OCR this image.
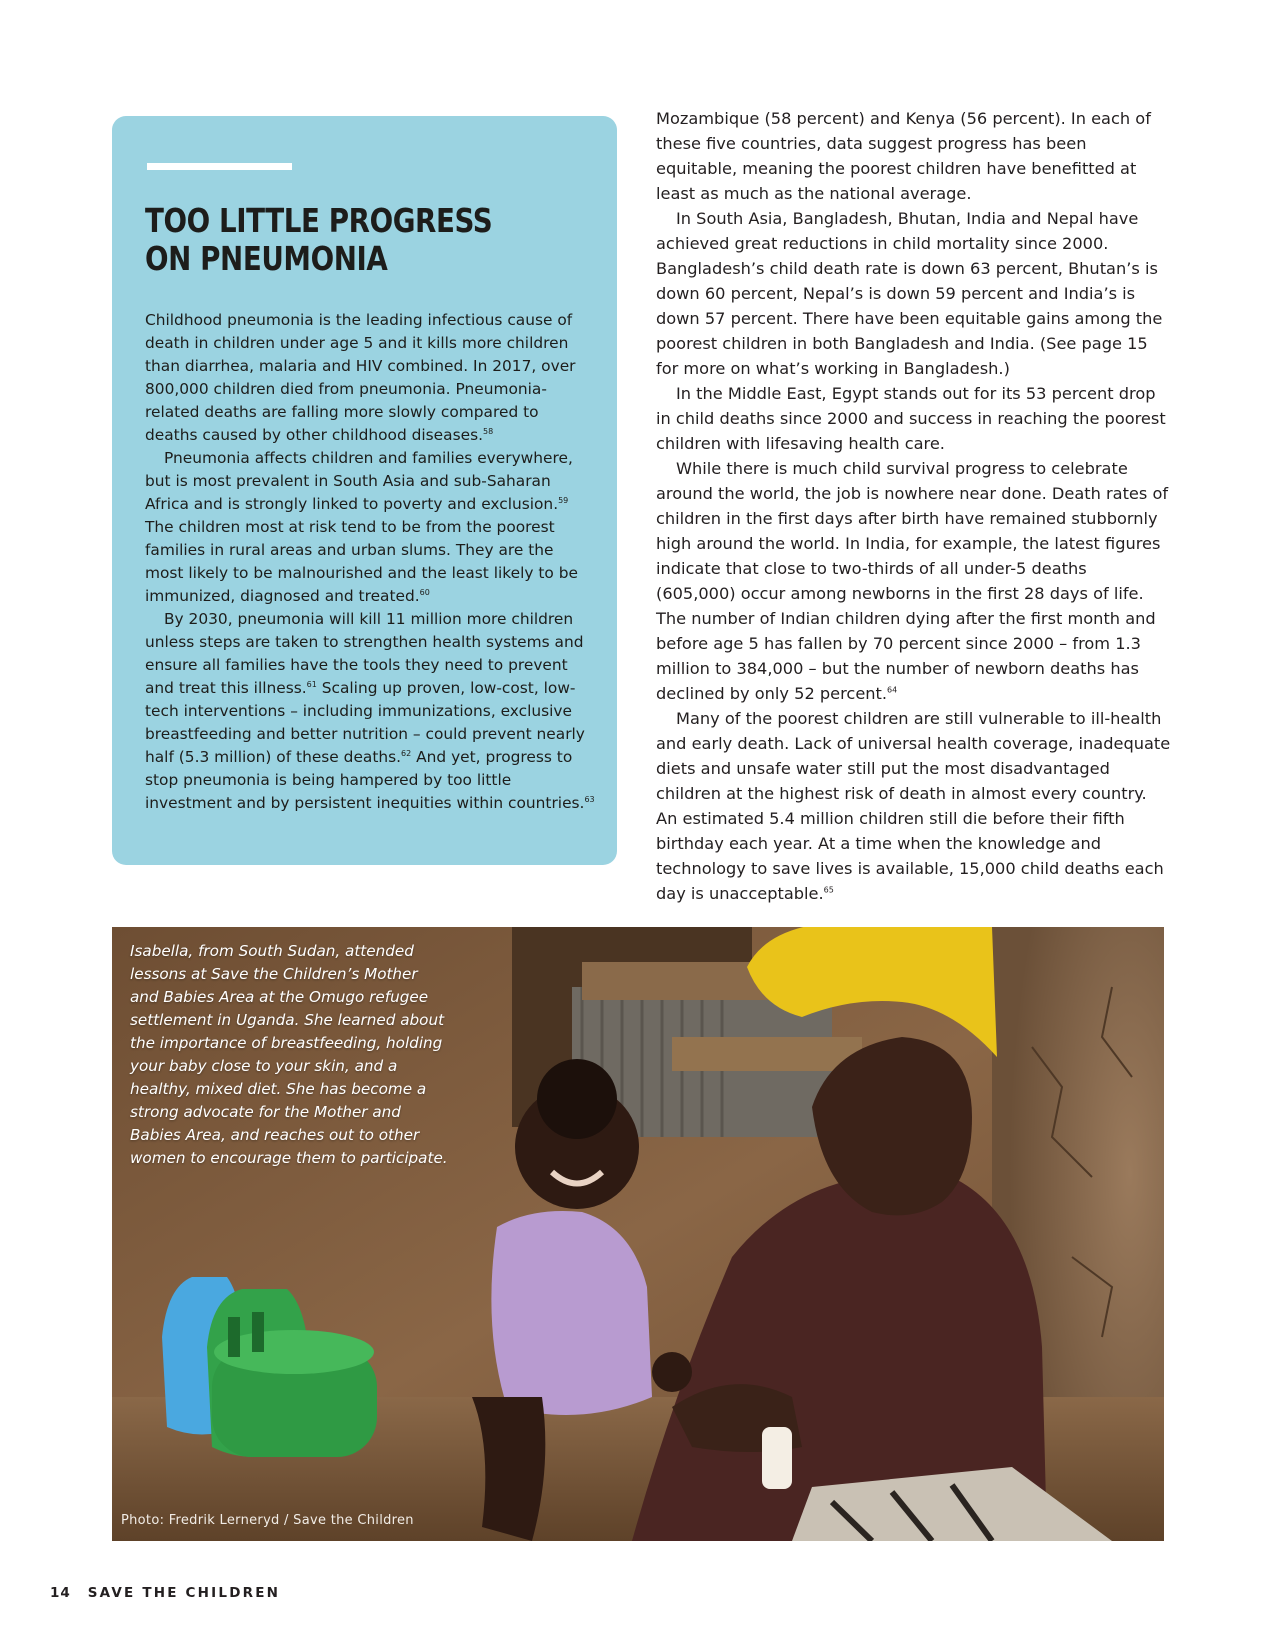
TOO LITTLE PROGRESS
ON PNEUMONIA

Childhood pneumonia is the leading infectious cause of death in children under age 5 and it kills more children than diarrhea, malaria and HIV combined. In 2017, over 800,000 children died from pneumonia. Pneumonia-related deaths are falling more slowly compared to deaths caused by other childhood diseases.$^{58}$

Pneumonia affects children and families everywhere, but is most prevalent in South Asia and sub-Saharan Africa and is strongly linked to poverty and exclusion.$^{59}$ The children most at risk tend to be from the poorest families in rural areas and urban slums. They are the most likely to be malnourished and the least likely to be immunized, diagnosed and treated.$^{60}$

By 2030, pneumonia will kill 11 million more children unless steps are taken to strengthen health systems and ensure all families have the tools they need to prevent and treat this illness.$^{61}$ Scaling up proven, low-cost, low-tech interventions – including immunizations, exclusive breastfeeding and better nutrition – could prevent nearly half (5.3 million) of these deaths.$^{62}$ And yet, progress to stop pneumonia is being hampered by too little investment and by persistent inequities within countries.$^{63}$

Mozambique (58 percent) and Kenya (56 percent). In each of these five countries, data suggest progress has been equitable, meaning the poorest children have benefitted at least as much as the national average.

In South Asia, Bangladesh, Bhutan, India and Nepal have achieved great reductions in child mortality since 2000. Bangladesh’s child death rate is down 63 percent, Bhutan’s is down 60 percent, Nepal’s is down 59 percent and India’s is down 57 percent. There have been equitable gains among the poorest children in both Bangladesh and India. (See page 15 for more on what’s working in Bangladesh.)

In the Middle East, Egypt stands out for its 53 percent drop in child deaths since 2000 and success in reaching the poorest children with lifesaving health care.

While there is much child survival progress to celebrate around the world, the job is nowhere near done. Death rates of children in the first days after birth have remained stubbornly high around the world. In India, for example, the latest figures indicate that close to two-thirds of all under-5 deaths (605,000) occur among newborns in the first 28 days of life. The number of Indian children dying after the first month and before age 5 has fallen by 70 percent since 2000 – from 1.3 million to 384,000 – but the number of newborn deaths has declined by only 52 percent.$^{64}$

Many of the poorest children are still vulnerable to ill-health and early death. Lack of universal health coverage, inadequate diets and unsafe water still put the most disadvantaged children at the highest risk of death in almost every country. An estimated 5.4 million children still die before their fifth birthday each year. At a time when the knowledge and technology to save lives is available, 15,000 child deaths each day is unacceptable.$^{65}$

Isabella, from South Sudan, attended lessons at Save the Children’s Mother and Babies Area at the Omugo refugee settlement in Uganda. She learned about the importance of breastfeeding, holding your baby close to your skin, and a healthy, mixed diet. She has become a strong advocate for the Mother and Babies Area, and reaches out to other women to encourage them to participate.
Photo: Fredrik Lerneryd / Save the Children
14 SAVE THE CHILDREN
